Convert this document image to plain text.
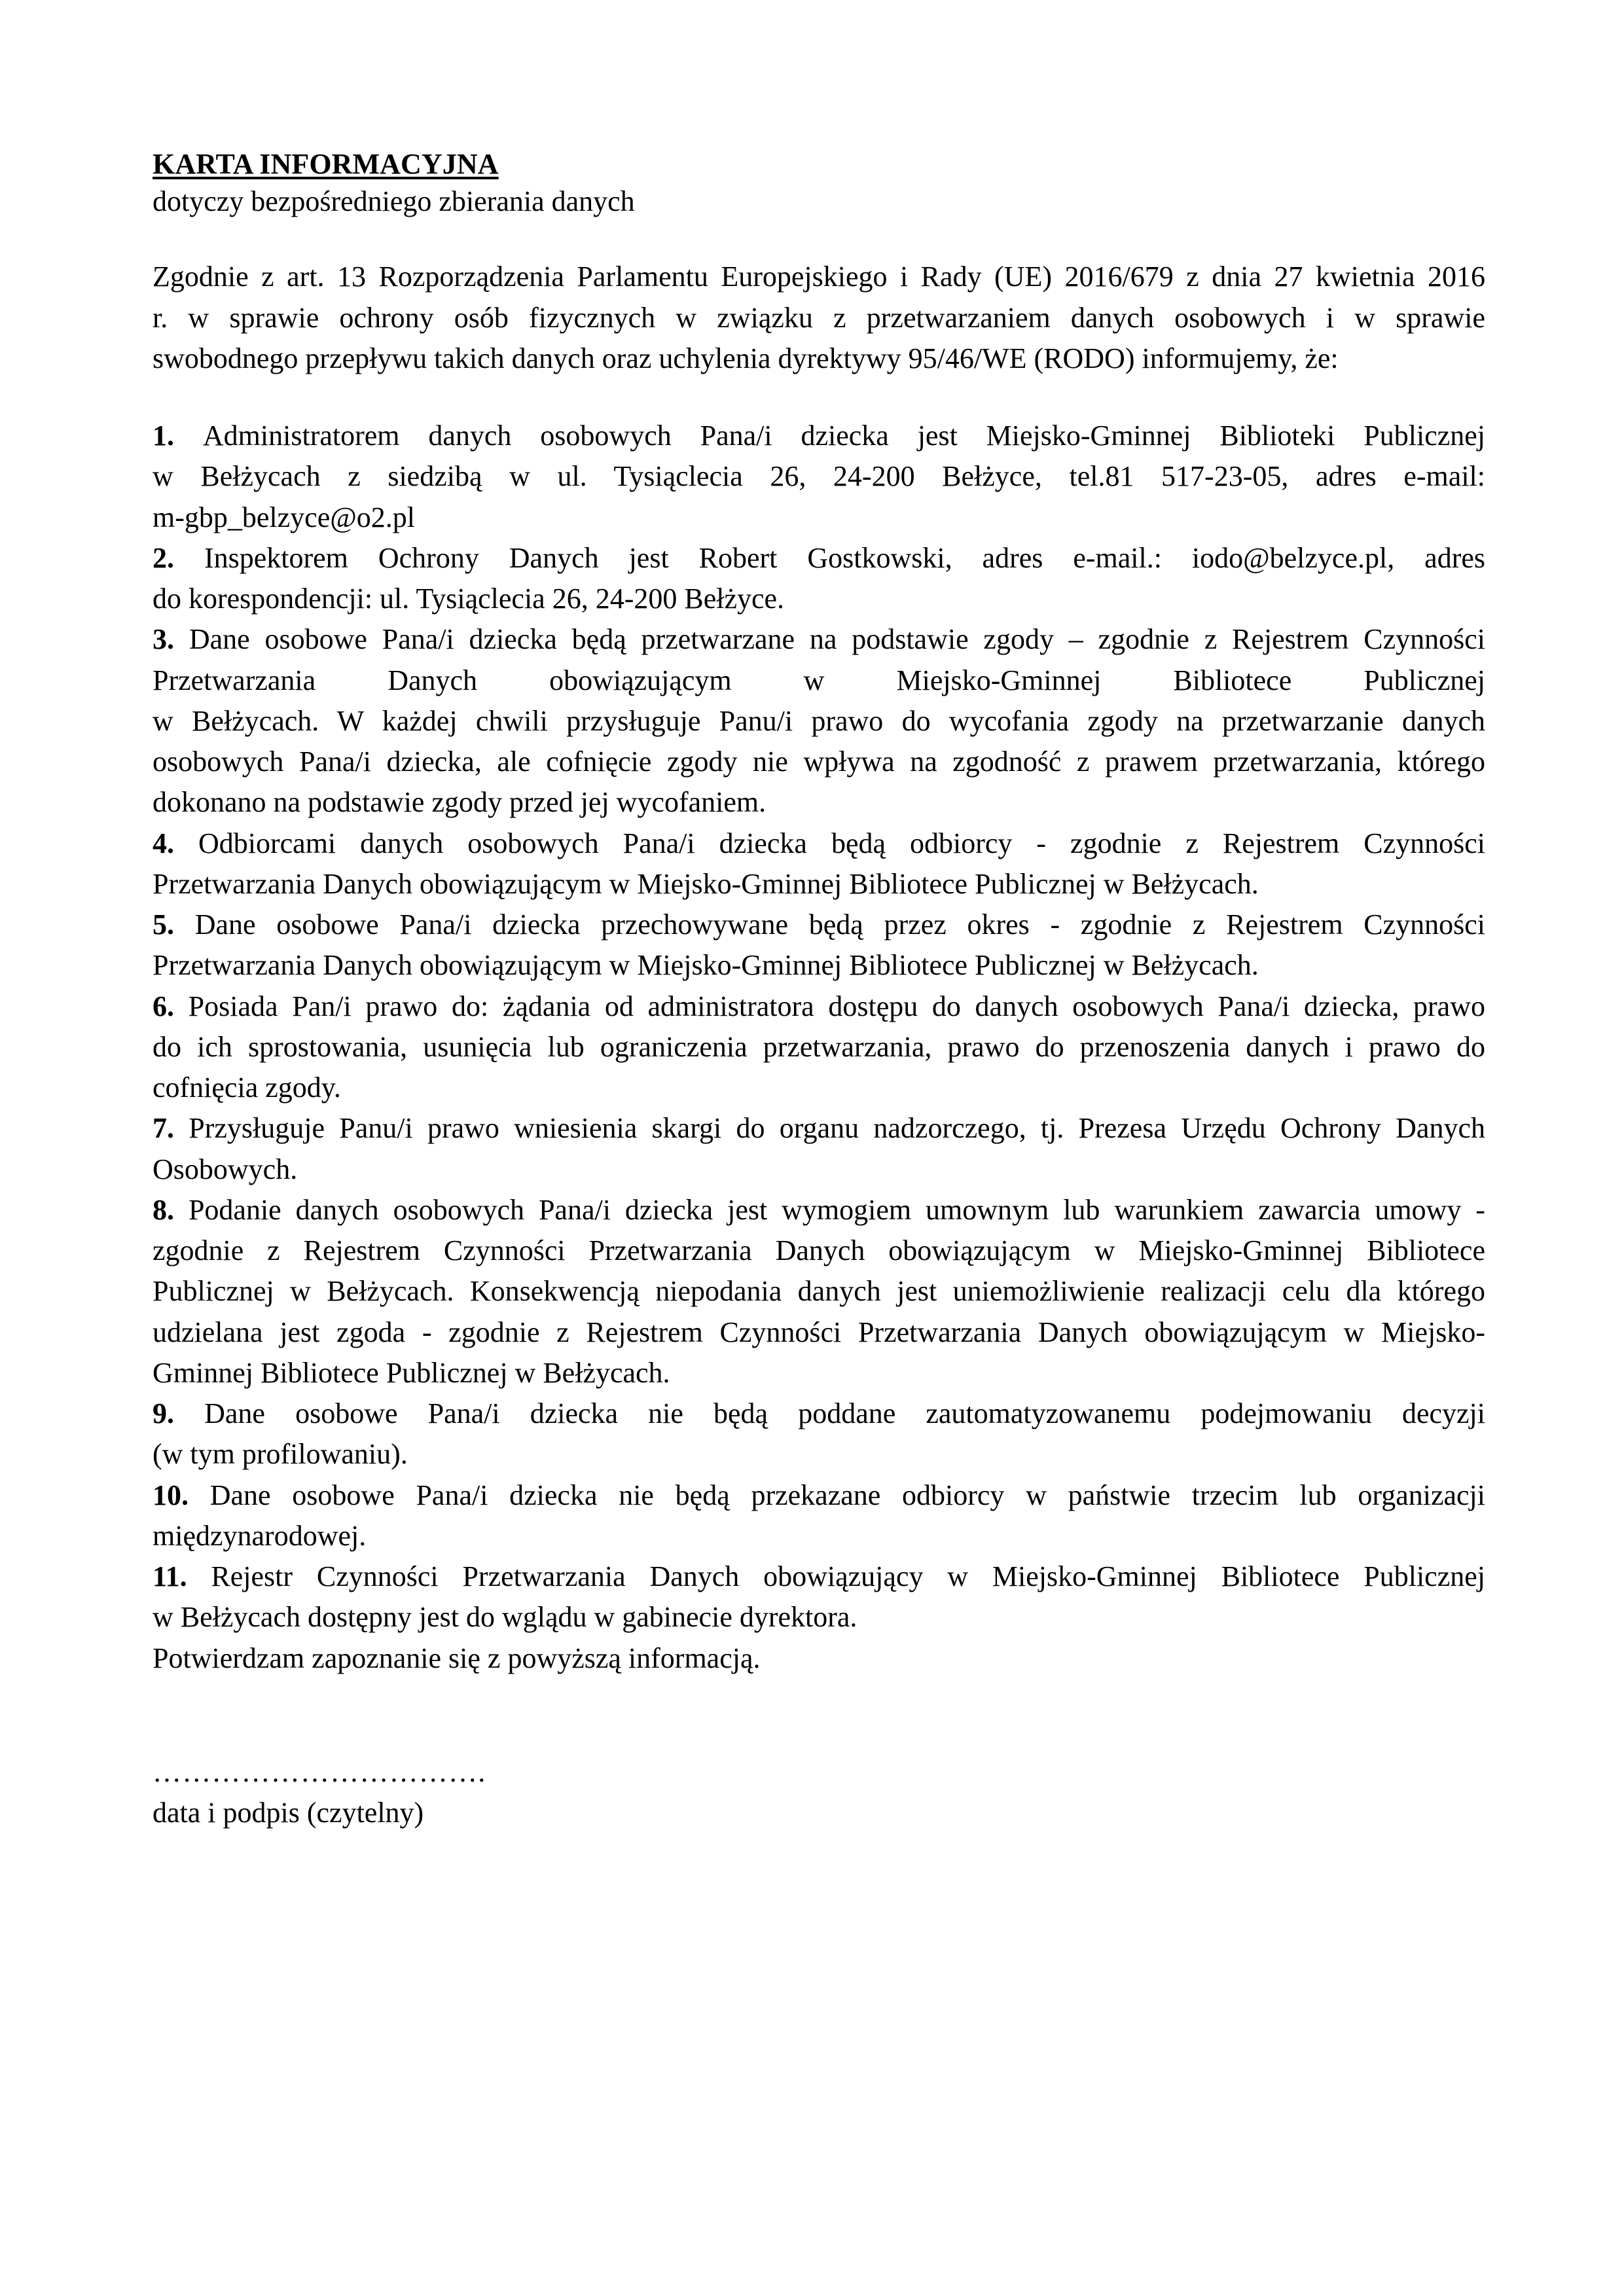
KARTA INFORMACYJNA
dotyczy bezpośredniego zbierania danych

Zgodnie z art. 13 Rozporządzenia Parlamentu Europejskiego i Rady (UE) 2016/679 z dnia 27 kwietnia 2016
r. w sprawie ochrony osób fizycznych w związku z przetwarzaniem danych osobowych i w sprawie
swobodnego przepływu takich danych oraz uchylenia dyrektywy 95/46/WE (RODO) informujemy, że:

1. Administratorem danych osobowych Pana/i dziecka jest Miejsko-Gminnej Biblioteki Publicznej
w Bełżycach z siedzibą w ul. Tysiąclecia 26, 24-200 Bełżyce, tel.81 517-23-05, adres e-mail:
m-gbp_belzyce@o2.pl

2. Inspektorem Ochrony Danych jest Robert Gostkowski, adres e-mail.: iodo@belzyce.pl, adres
do korespondencji: ul. Tysiąclecia 26, 24-200 Bełżyce.

3. Dane osobowe Pana/i dziecka będą przetwarzane na podstawie zgody – zgodnie z Rejestrem Czynności
Przetwarzania Danych obowiązującym w Miejsko-Gminnej Bibliotece Publicznej
w Bełżycach. W każdej chwili przysługuje Panu/i prawo do wycofania zgody na przetwarzanie danych
osobowych Pana/i dziecka, ale cofnięcie zgody nie wpływa na zgodność z prawem przetwarzania, którego
dokonano na podstawie zgody przed jej wycofaniem.

4. Odbiorcami danych osobowych Pana/i dziecka będą odbiorcy - zgodnie z Rejestrem Czynności
Przetwarzania Danych obowiązującym w Miejsko-Gminnej Bibliotece Publicznej w Bełżycach.

5. Dane osobowe Pana/i dziecka przechowywane będą przez okres - zgodnie z Rejestrem Czynności
Przetwarzania Danych obowiązującym w Miejsko-Gminnej Bibliotece Publicznej w Bełżycach.

6. Posiada Pan/i prawo do: żądania od administratora dostępu do danych osobowych Pana/i dziecka, prawo
do ich sprostowania, usunięcia lub ograniczenia przetwarzania, prawo do przenoszenia danych i prawo do
cofnięcia zgody.

7. Przysługuje Panu/i prawo wniesienia skargi do organu nadzorczego, tj. Prezesa Urzędu Ochrony Danych
Osobowych.

8. Podanie danych osobowych Pana/i dziecka jest wymogiem umownym lub warunkiem zawarcia umowy -
zgodnie z Rejestrem Czynności Przetwarzania Danych obowiązującym w Miejsko-Gminnej Bibliotece
Publicznej w Bełżycach. Konsekwencją niepodania danych jest uniemożliwienie realizacji celu dla którego
udzielana jest zgoda - zgodnie z Rejestrem Czynności Przetwarzania Danych obowiązującym w Miejsko-
Gminnej Bibliotece Publicznej w Bełżycach.

9. Dane osobowe Pana/i dziecka nie będą poddane zautomatyzowanemu podejmowaniu decyzji
(w tym profilowaniu).

10. Dane osobowe Pana/i dziecka nie będą przekazane odbiorcy w państwie trzecim lub organizacji
międzynarodowej.

11. Rejestr Czynności Przetwarzania Danych obowiązujący w Miejsko-Gminnej Bibliotece Publicznej
w Bełżycach dostępny jest do wglądu w gabinecie dyrektora.

Potwierdzam zapoznanie się z powyższą informacją.

…………………………….
data i podpis (czytelny)
